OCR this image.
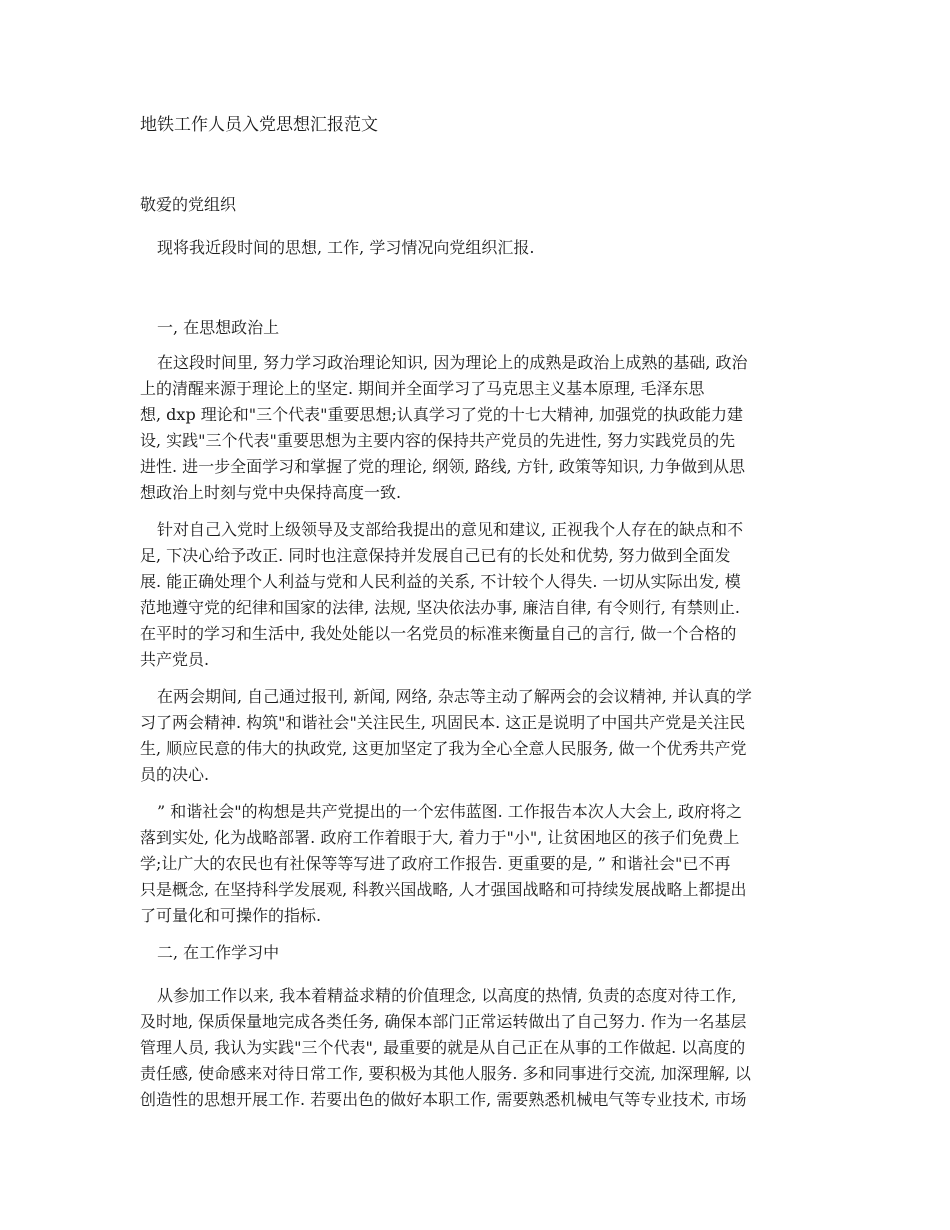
地铁工作人员入党思想汇报范文

敬爱的党组织

现将我近段时间的思想, 工作, 学习情况向党组织汇报.

一, 在思想政治上

在这段时间里, 努力学习政治理论知识, 因为理论上的成熟是政治上成熟的基础, 政治

上的清醒来源于理论上的坚定. 期间并全面学习了马克思主义基本原理, 毛泽东思

想, dxp 理论和"三个代表"重要思想;认真学习了党的十七大精神, 加强党的执政能力建

设, 实践"三个代表"重要思想为主要内容的保持共产党员的先进性, 努力实践党员的先

进性. 进一步全面学习和掌握了党的理论, 纲领, 路线, 方针, 政策等知识, 力争做到从思

想政治上时刻与党中央保持高度一致.

针对自己入党时上级领导及支部给我提出的意见和建议, 正视我个人存在的缺点和不

足, 下决心给予改正. 同时也注意保持并发展自己已有的长处和优势, 努力做到全面发

展. 能正确处理个人利益与党和人民利益的关系, 不计较个人得失. 一切从实际出发, 模

范地遵守党的纪律和国家的法律, 法规, 坚决依法办事, 廉洁自律, 有令则行, 有禁则止.

在平时的学习和生活中, 我处处能以一名党员的标准来衡量自己的言行, 做一个合格的

共产党员.

在两会期间, 自己通过报刊, 新闻, 网络, 杂志等主动了解两会的会议精神, 并认真的学

习了两会精神. 构筑"和谐社会"关注民生, 巩固民本. 这正是说明了中国共产党是关注民

生, 顺应民意的伟大的执政党, 这更加坚定了我为全心全意人民服务, 做一个优秀共产党

员的决心.

” 和谐社会"的构想是共产党提出的一个宏伟蓝图. 工作报告本次人大会上, 政府将之

落到实处, 化为战略部署. 政府工作着眼于大, 着力于"小", 让贫困地区的孩子们免费上

学;让广大的农民也有社保等等写进了政府工作报告. 更重要的是, ” 和谐社会"已不再

只是概念, 在坚持科学发展观, 科教兴国战略, 人才强国战略和可持续发展战略上都提出

了可量化和可操作的指标.

二, 在工作学习中

从参加工作以来, 我本着精益求精的价值理念, 以高度的热情, 负责的态度对待工作,

及时地, 保质保量地完成各类任务, 确保本部门正常运转做出了自己努力. 作为一名基层

管理人员, 我认为实践"三个代表", 最重要的就是从自己正在从事的工作做起. 以高度的

责任感, 使命感来对待日常工作, 要积极为其他人服务. 多和同事进行交流, 加深理解, 以

创造性的思想开展工作. 若要出色的做好本职工作, 需要熟悉机械电气等专业技术, 市场
